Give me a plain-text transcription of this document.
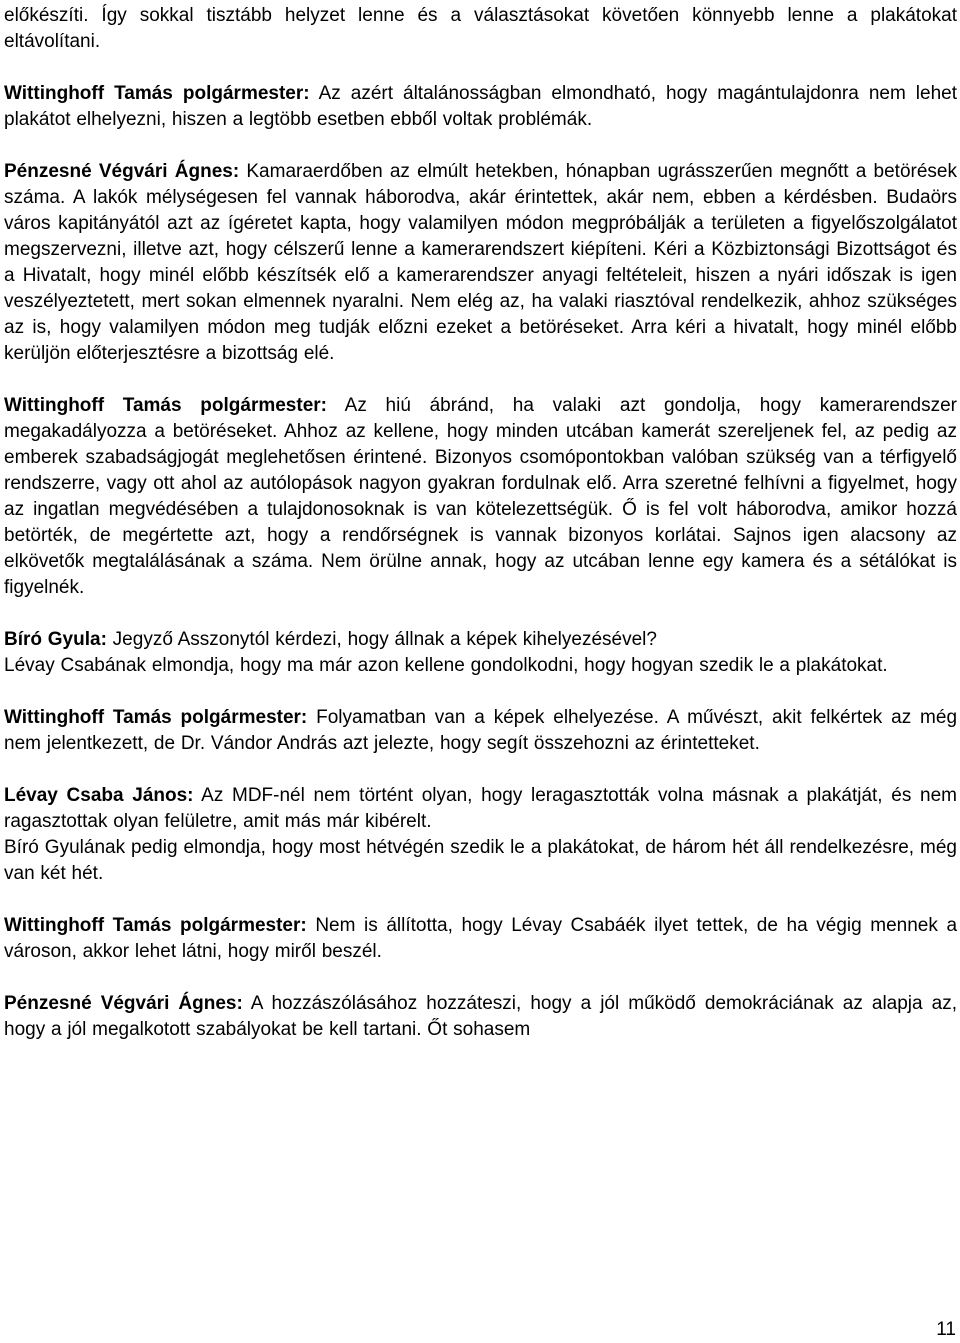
előkészíti. Így sokkal tisztább helyzet lenne és a választásokat követően könnyebb lenne a plakátokat eltávolítani.

Wittinghoff Tamás polgármester: Az azért általánosságban elmondható, hogy magántulajdonra nem lehet plakátot elhelyezni, hiszen a legtöbb esetben ebből voltak problémák.

Pénzesné Végvári Ágnes: Kamaraerdőben az elmúlt hetekben, hónapban ugrásszerűen megnőtt a betörések száma. A lakók mélységesen fel vannak háborodva, akár érintettek, akár nem, ebben a kérdésben. Budaörs város kapitányától azt az ígéretet kapta, hogy valamilyen módon megpróbálják a területen a figyelőszolgálatot megszervezni, illetve azt, hogy célszerű lenne a kamerarendszert kiépíteni. Kéri a Közbiztonsági Bizottságot és a Hivatalt, hogy minél előbb készítsék elő a kamerarendszer anyagi feltételeit, hiszen a nyári időszak is igen veszélyeztetett, mert sokan elmennek nyaralni. Nem elég az, ha valaki riasztóval rendelkezik, ahhoz szükséges az is, hogy valamilyen módon meg tudják előzni ezeket a betöréseket. Arra kéri a hivatalt, hogy minél előbb kerüljön előterjesztésre a bizottság elé.

Wittinghoff Tamás polgármester: Az hiú ábránd, ha valaki azt gondolja, hogy kamerarendszer megakadályozza a betöréseket. Ahhoz az kellene, hogy minden utcában kamerát szereljenek fel, az pedig az emberek szabadságjogát meglehetősen érintené. Bizonyos csomópontokban valóban szükség van a térfigyelő rendszerre, vagy ott ahol az autólopások nagyon gyakran fordulnak elő. Arra szeretné felhívni a figyelmet, hogy az ingatlan megvédésében a tulajdonosoknak is van kötelezettségük. Ő is fel volt háborodva, amikor hozzá betörték, de megértette azt, hogy a rendőrségnek is vannak bizonyos korlátai. Sajnos igen alacsony az elkövetők megtalálásának a száma. Nem örülne annak, hogy az utcában lenne egy kamera és a sétálókat is figyelnék.

Bíró Gyula: Jegyző Asszonytól kérdezi, hogy állnak a képek kihelyezésével?

Lévay Csabának elmondja, hogy ma már azon kellene gondolkodni, hogy hogyan szedik le a plakátokat.

Wittinghoff Tamás polgármester: Folyamatban van a képek elhelyezése. A művészt, akit felkértek az még nem jelentkezett, de Dr. Vándor András azt jelezte, hogy segít összehozni az érintetteket.

Lévay Csaba János: Az MDF-nél nem történt olyan, hogy leragasztották volna másnak a plakátját, és nem ragasztottak olyan felületre, amit más már kibérelt.

Bíró Gyulának pedig elmondja, hogy most hétvégén szedik le a plakátokat, de három hét áll rendelkezésre, még van két hét.

Wittinghoff Tamás polgármester: Nem is állította, hogy Lévay Csabáék ilyet tettek, de ha végig mennek a városon, akkor lehet látni, hogy miről beszél.

Pénzesné Végvári Ágnes: A hozzászólásához hozzáteszi, hogy a jól működő demokráciának az alapja az, hogy a jól megalkotott szabályokat be kell tartani. Őt sohasem

11
